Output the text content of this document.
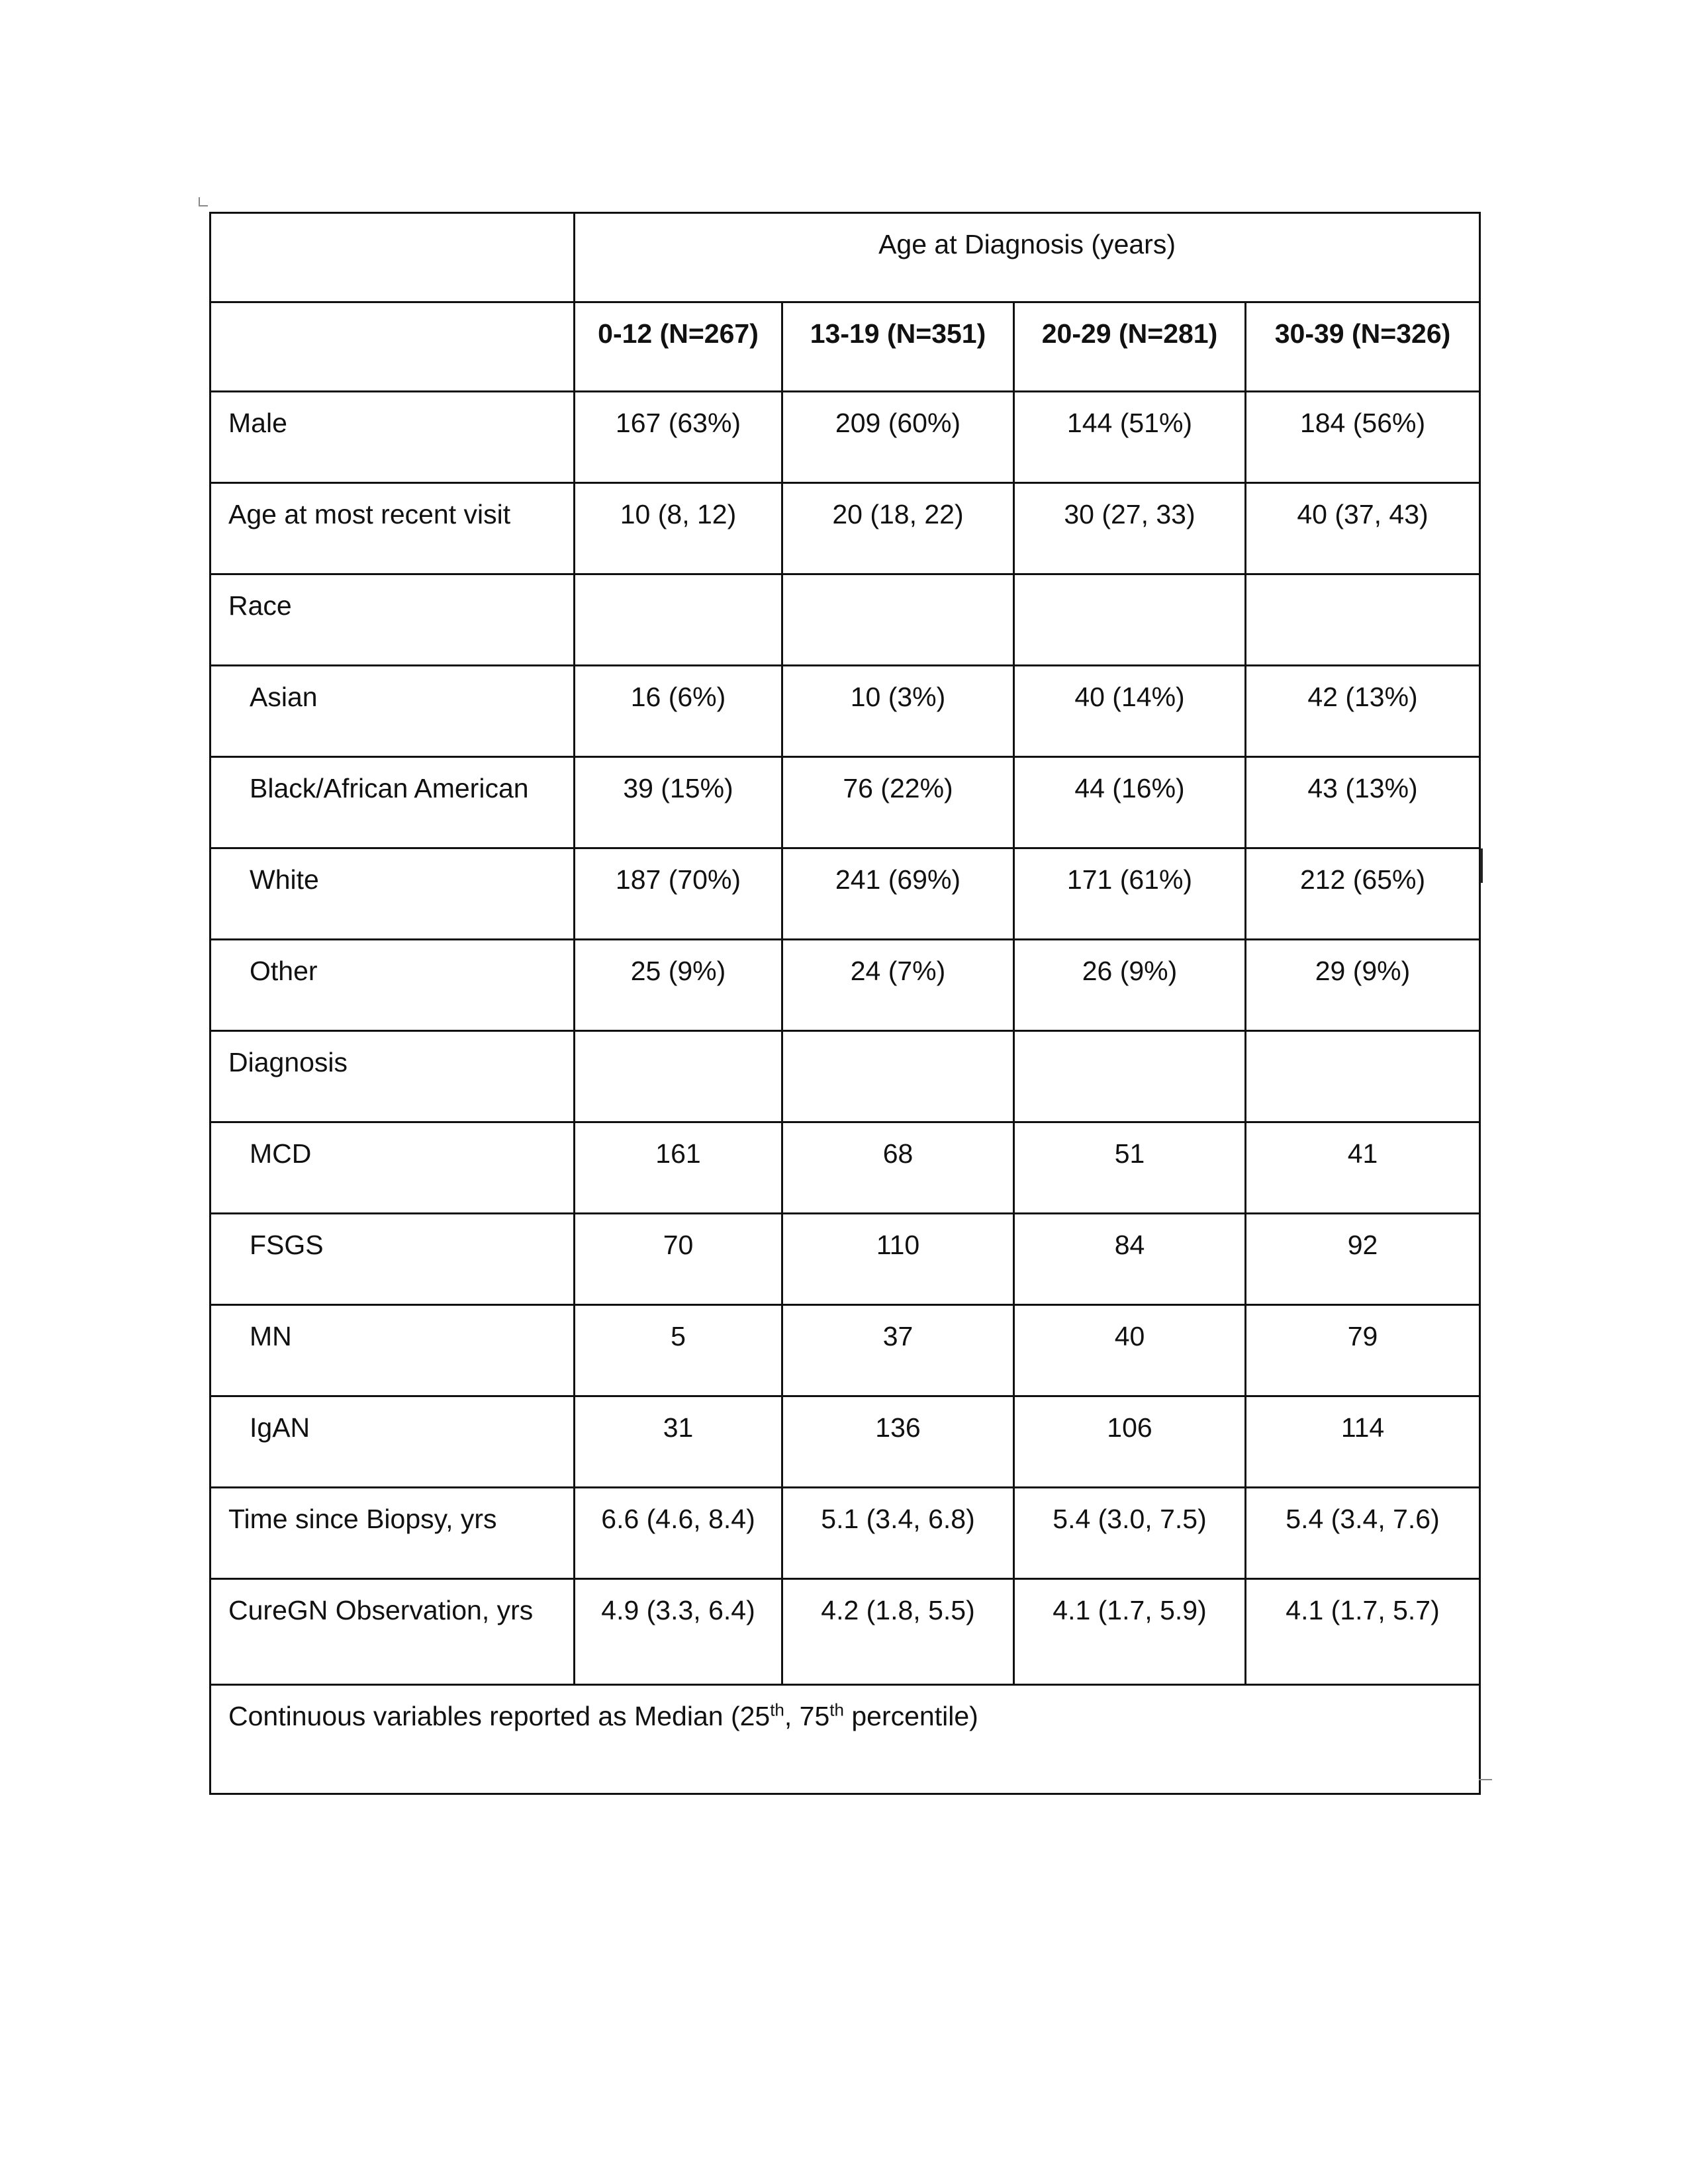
	Age at Diagnosis (years)			
	0-12 (N=267)	13-19 (N=351)	20-29 (N=281)	30-39 (N=326)
Male	167 (63%)	209 (60%)	144 (51%)	184 (56%)
Age at most recent visit	10 (8, 12)	20 (18, 22)	30 (27, 33)	40 (37, 43)
Race				
Asian	16 (6%)	10 (3%)	40 (14%)	42 (13%)
Black/African American	39 (15%)	76 (22%)	44 (16%)	43 (13%)
White	187 (70%)	241 (69%)	171 (61%)	212 (65%)
Other	25 (9%)	24 (7%)	26 (9%)	29 (9%)
Diagnosis				
MCD	161	68	51	41
FSGS	70	110	84	92
MN	5	37	40	79
IgAN	31	136	106	114
Time since Biopsy, yrs	6.6 (4.6, 8.4)	5.1 (3.4, 6.8)	5.4 (3.0, 7.5)	5.4 (3.4, 7.6)
CureGN Observation, yrs	4.9 (3.3, 6.4)	4.2 (1.8, 5.5)	4.1 (1.7, 5.9)	4.1 (1.7, 5.7)
Continuous variables reported as Median (25th, 75th percentile)				
